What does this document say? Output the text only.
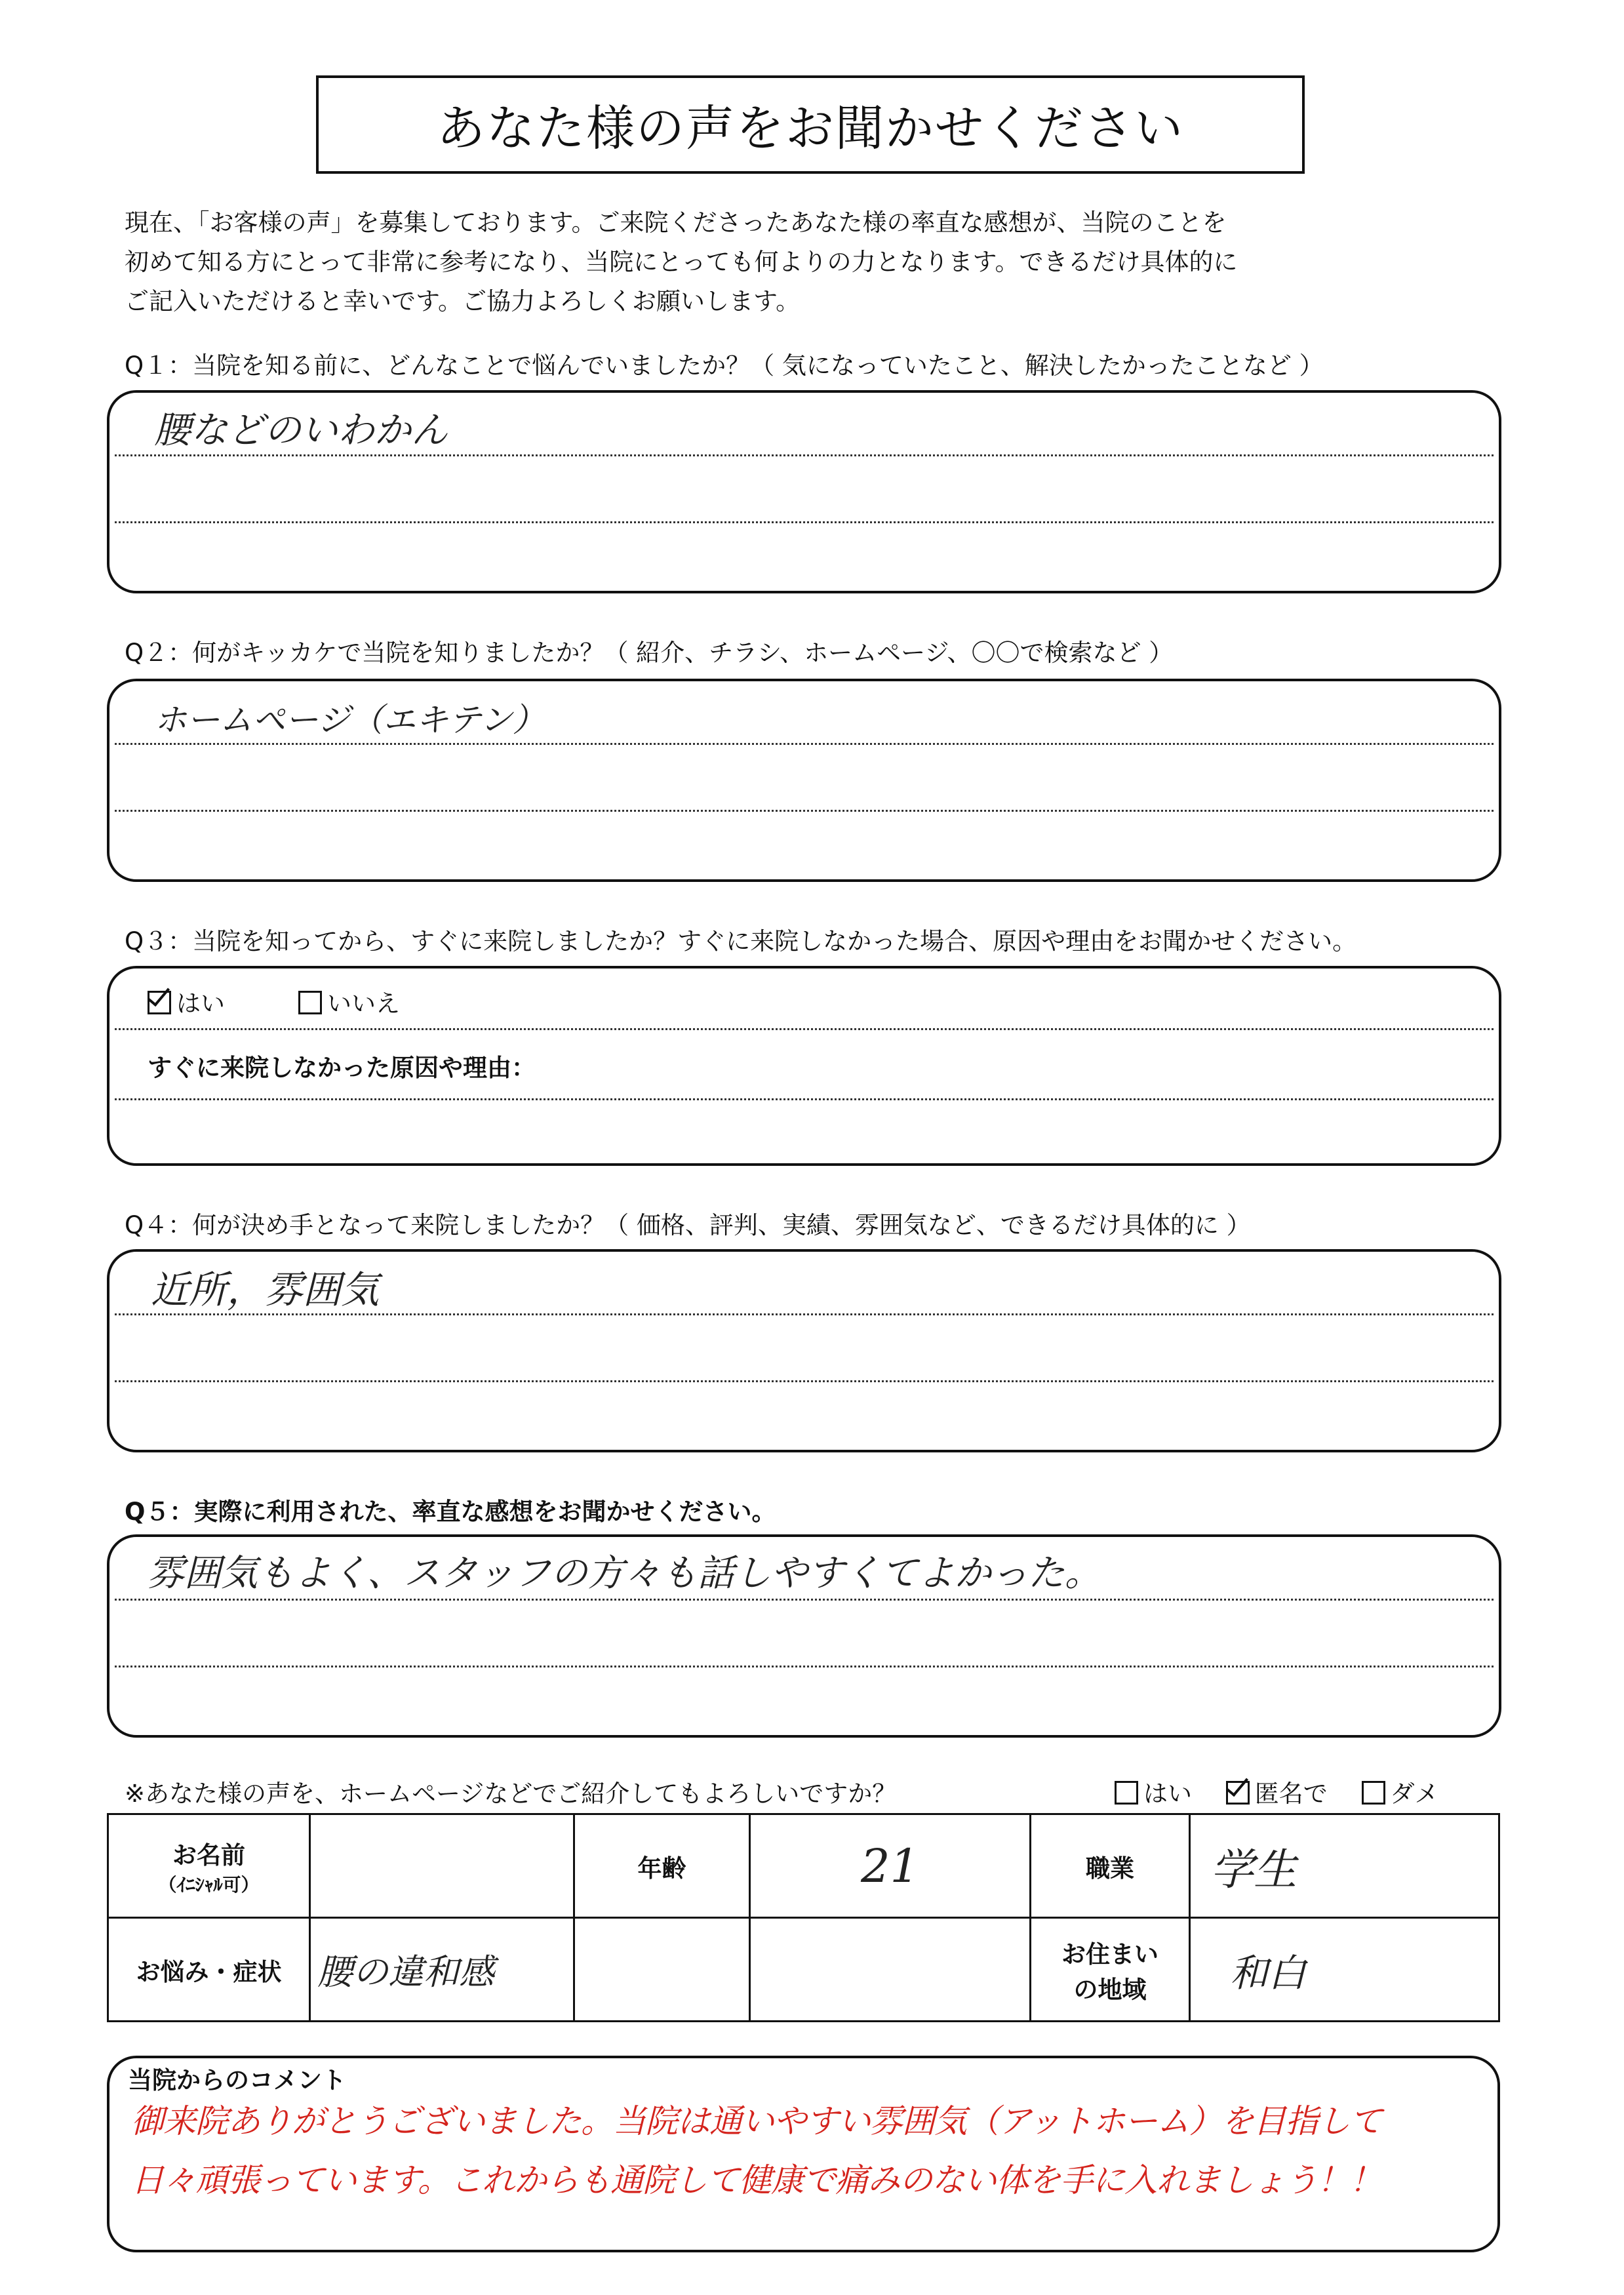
あなた様の声をお聞かせください
現在、「お客様の声」を募集しております。ご来院くださったあなた様の率直な感想が、当院のことを
初めて知る方にとって非常に参考になり、当院にとっても何よりの力となります。できるだけ具体的に
ご記入いただけると幸いです。ご協力よろしくお願いします。
Q１：当院を知る前に、どんなことで悩んでいましたか？（ 気になっていたこと、解決したかったことなど ）
腰などのいわかん
Q２：何がキッカケで当院を知りましたか？（ 紹介、チラシ、ホームページ、〇〇で検索など ）
ホームページ（エキテン）
Q３：当院を知ってから、すぐに来院しましたか？すぐに来院しなかった場合、原因や理由をお聞かせください。
はい	いいえ
すぐに来院しなかった原因や理由：
Q４：何が決め手となって来院しましたか？（ 価格、評判、実績、雰囲気など、できるだけ具体的に ）
近所，雰囲気
Q５：実際に利用された、率直な感想をお聞かせください。
雰囲気もよく、スタッフの方々も話しやすくてよかった。
※あなた様の声を、ホームページなどでご紹介してもよろしいですか？	はい	匿名で	ダメ
お名前
（ｲﾆｼｬﾙ可）		年齢	21	職業	学生
お悩み・症状	腰の違和感			お住まい
の地域	和白
当院からのコメント
御来院ありがとうございました。当院は通いやすい雰囲気（アットホーム）を目指して
日々頑張っています。これからも通院して健康で痛みのない体を手に入れましょう！！
